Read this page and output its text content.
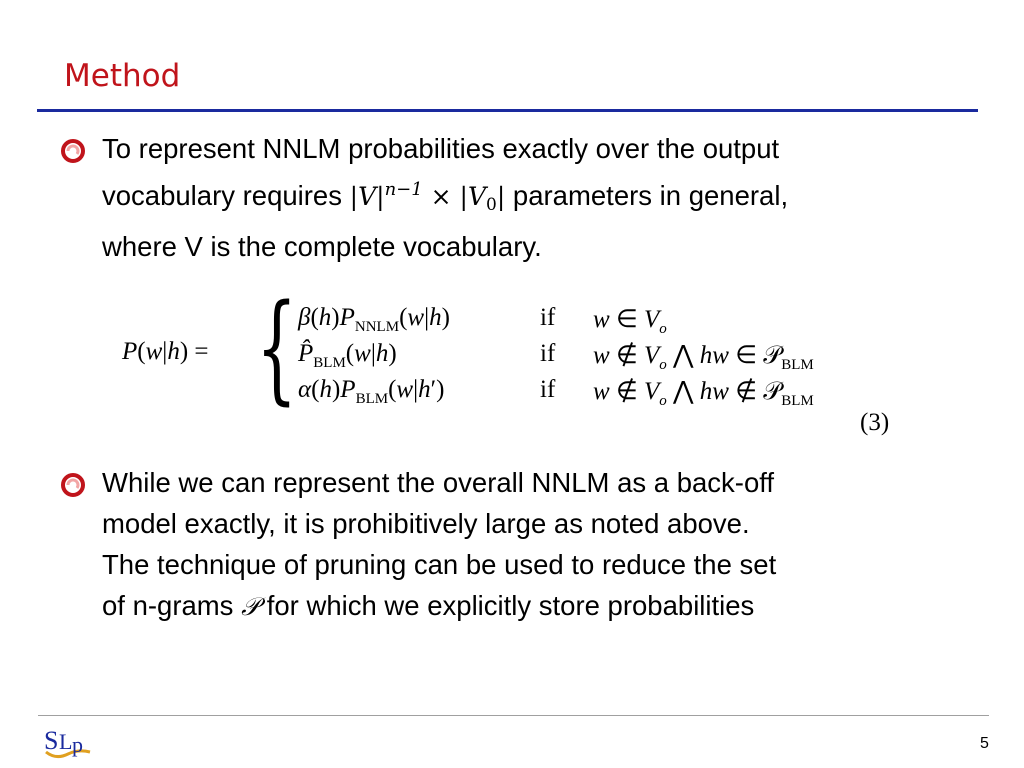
Method
To represent NNLM probabilities exactly over the output
vocabulary requires $|V|^{n-1} \times |V_0|$ parameters in general,
where V is the complete vocabulary.
P(w|h) = { $\beta(h)P_{NNLM}(w|h)$	if w ∈ $V_o$
$P̂_{BLM}(w|h)$	if w ∉ $V_o$ ⋀ hw ∈ 𝒫$_{BLM}$
$\alpha(h)P_{BLM}(w|h')$	if w ∉ $V_o$ ⋀ hw ∉ 𝒫$_{BLM}$
(3)
While we can represent the overall NNLM as a back-off
model exactly, it is prohibitively large as noted above.
The technique of pruning can be used to reduce the set
of n-grams 𝒫 for which we explicitly store probabilities
S L p	5
